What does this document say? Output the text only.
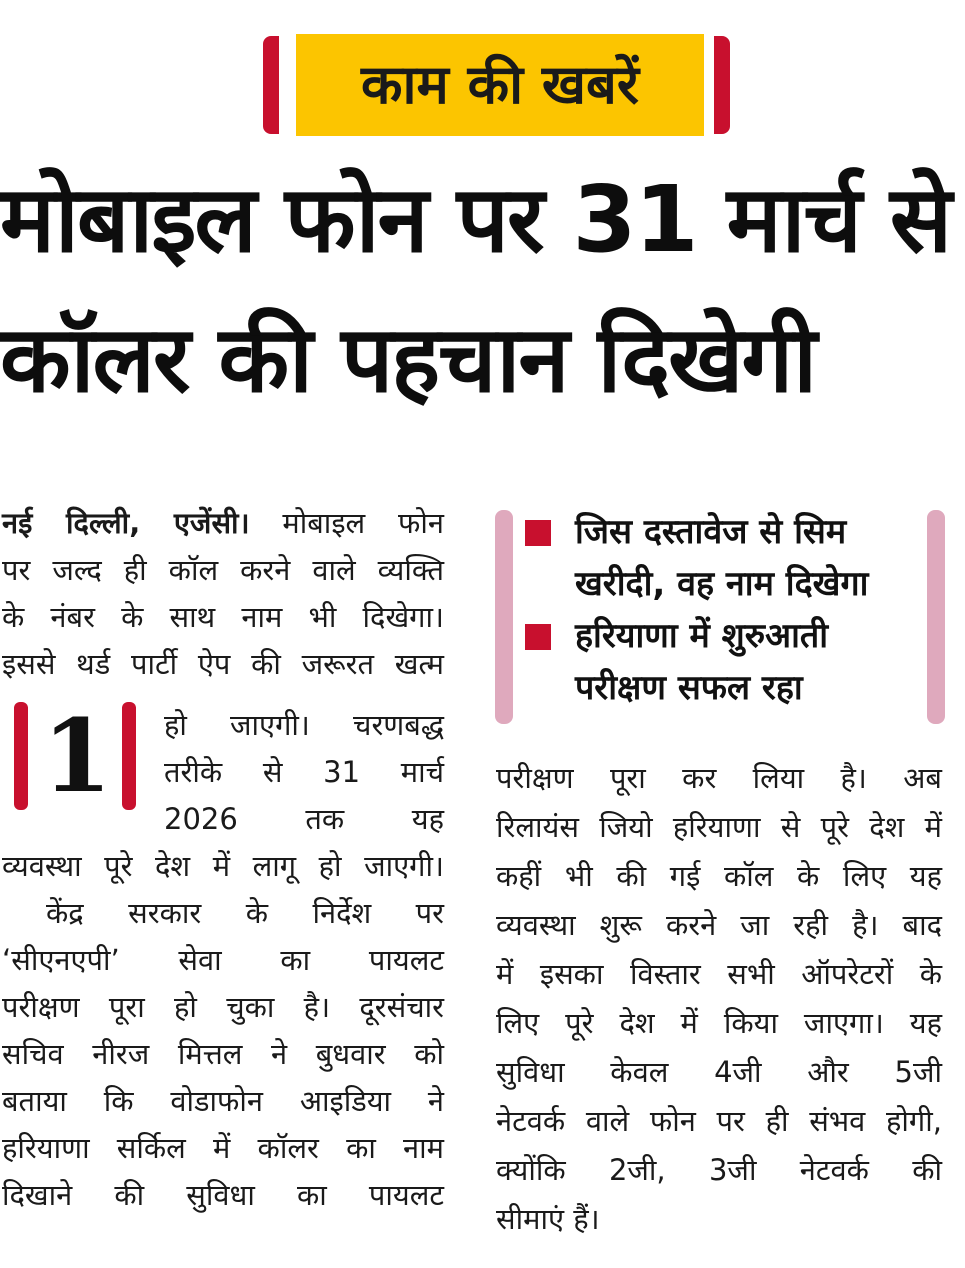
काम की खबरें
मोबाइल फोन पर 31 मार्च से
कॉलर की पहचान दिखेगी
नई दिल्ली, एजेंसी। मोबाइल फोन
पर जल्द ही कॉल करने वाले व्यक्ति
के नंबर के साथ नाम भी दिखेगा।
इससे थर्ड पार्टी ऐप की जरूरत खत्म
1	हो जाएगी। चरणबद्ध
तरीके से 31 मार्च
2026 तक यह
व्यवस्था पूरे देश में लागू हो जाएगी।
केंद्र सरकार के निर्देश पर
‘सीएनएपी’ सेवा का पायलट
परीक्षण पूरा हो चुका है। दूरसंचार
सचिव नीरज मित्तल ने बुधवार को
बताया कि वोडाफोन आइडिया ने
हरियाणा सर्किल में कॉलर का नाम
दिखाने की सुविधा का पायलट
जिस दस्तावेज से सिम
खरीदी, वह नाम दिखेगा
हरियाणा में शुरुआती
परीक्षण सफल रहा
परीक्षण पूरा कर लिया है। अब
रिलायंस जियो हरियाणा से पूरे देश में
कहीं भी की गई कॉल के लिए यह
व्यवस्था शुरू करने जा रही है। बाद
में इसका विस्तार सभी ऑपरेटरों के
लिए पूरे देश में किया जाएगा। यह
सुविधा केवल 4जी और 5जी
नेटवर्क वाले फोन पर ही संभव होगी,
क्योंकि 2जी, 3जी नेटवर्क की
सीमाएं हैं।
